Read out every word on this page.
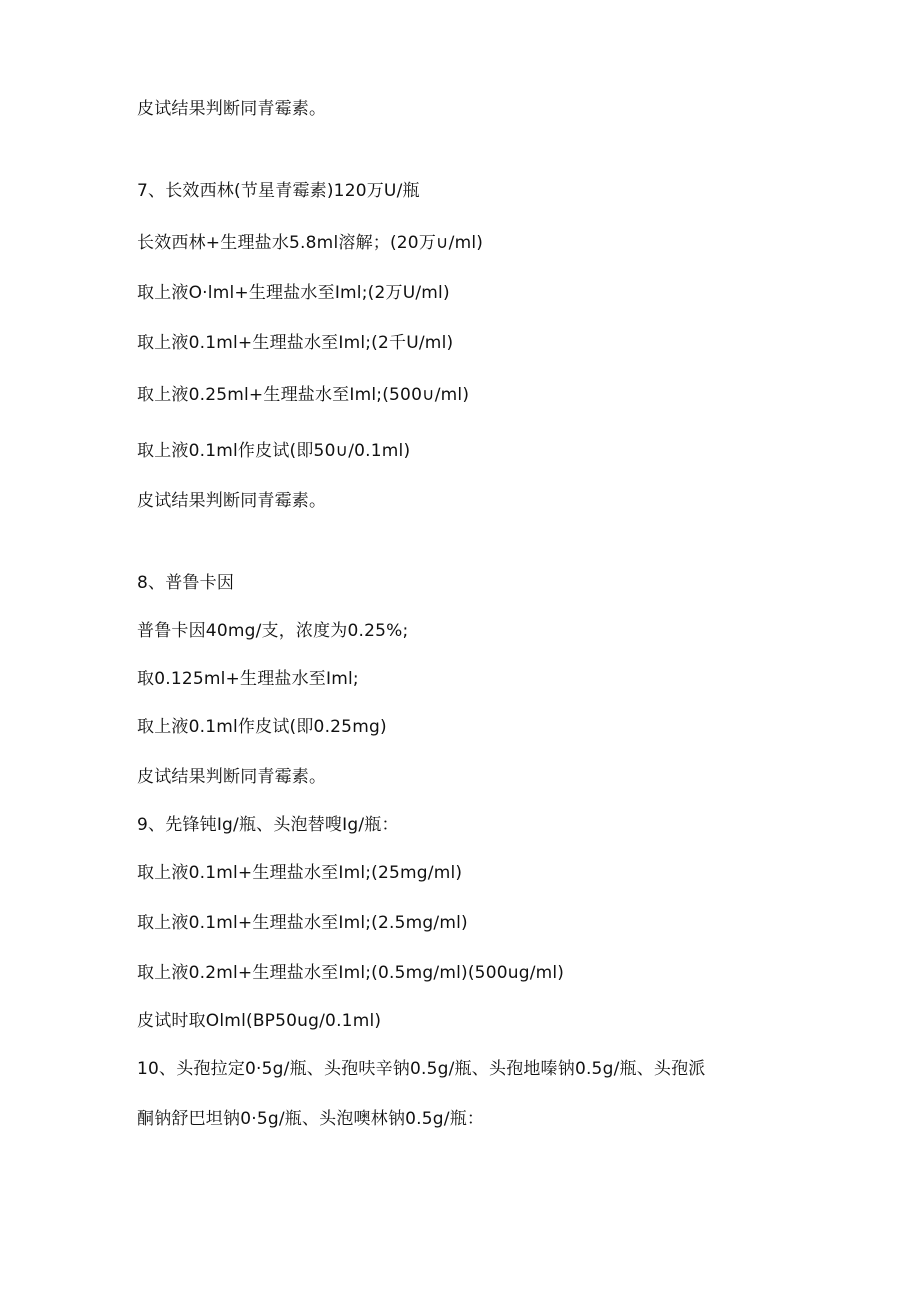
皮试结果判断同青霉素。
7、长效西林(节星青霉素)120万U/瓶
长效西林+生理盐水5.8ml溶解；(20万∪∕ml)
取上液O·lml+生理盐水至Iml;(2万U∕ml)
取上液0.1ml+生理盐水至Iml;(2千U∕ml)
取上液0.25ml+生理盐水至Iml;(500∪∕ml)
取上液0.1ml作皮试(即50∪∕0.1ml)
皮试结果判断同青霉素。
8、普鲁卡因
普鲁卡因40mg∕支，浓度为0.25%;
取0.125ml+生理盐水至Iml;
取上液0.1ml作皮试(即0.25mg)
皮试结果判断同青霉素。
9、先锋钝Ig/瓶、头泡替嗖Ig/瓶：
取上液0.1ml+生理盐水至Iml;(25mg∕ml)
取上液0.1ml+生理盐水至Iml;(2.5mg∕ml)
取上液0.2ml+生理盐水至Iml;(0.5mg∕ml)(500ug∕ml)
皮试时取Olml(BP50ug∕0.1ml)
10、头孢拉定0·5g∕瓶、头孢呋辛钠0.5g∕瓶、头孢地嗪钠0.5g∕瓶、头孢派
酮钠舒巴坦钠0·5g∕瓶、头泡噢林钠0.5g∕瓶：
